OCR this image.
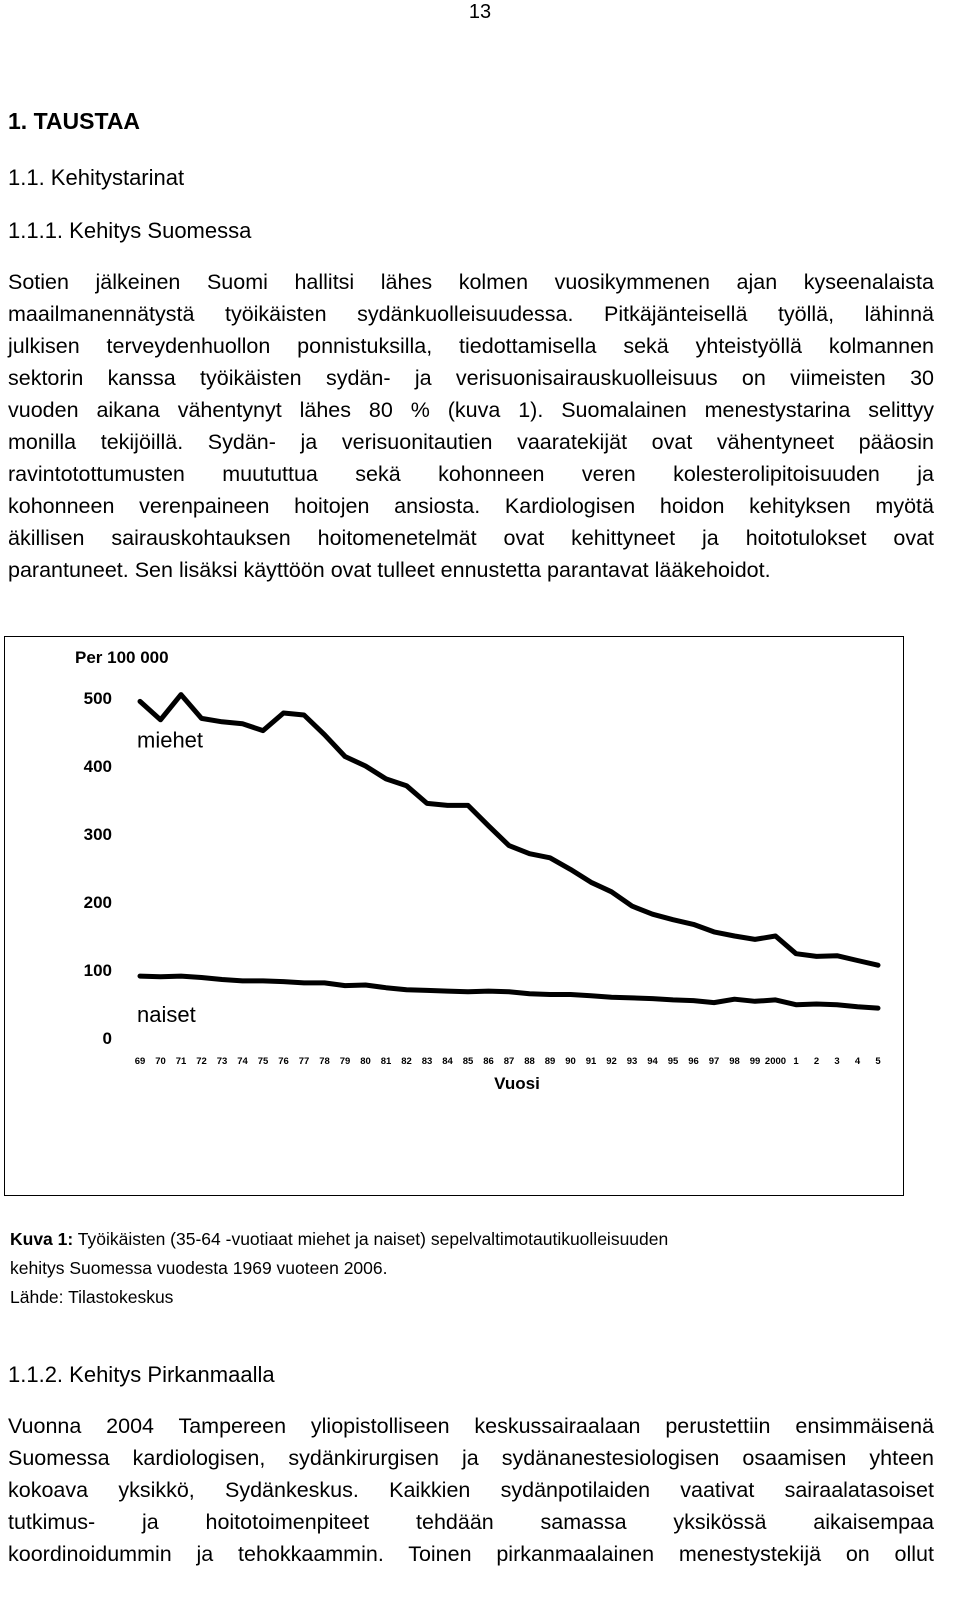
13
1. TAUSTAA
1.1. Kehitystarinat
1.1.1. Kehitys Suomessa
Sotien jälkeinen Suomi hallitsi lähes kolmen vuosikymmenen ajan kyseenalaista
maailmanennätystä työikäisten sydänkuolleisuudessa. Pitkäjänteisellä työllä, lähinnä
julkisen terveydenhuollon ponnistuksilla, tiedottamisella sekä yhteistyöllä kolmannen
sektorin kanssa työikäisten sydän- ja verisuonisairauskuolleisuus on viimeisten 30
vuoden aikana vähentynyt lähes 80 % (kuva 1). Suomalainen menestystarina selittyy
monilla tekijöillä. Sydän- ja verisuonitautien vaaratekijät ovat vähentyneet pääosin
ravintotottumusten muututtua sekä kohonneen veren kolesterolipitoisuuden ja
kohonneen verenpaineen hoitojen ansiosta. Kardiologisen hoidon kehityksen myötä
äkillisen sairauskohtauksen hoitomenetelmät ovat kehittyneet ja hoitotulokset ovat
parantuneet. Sen lisäksi käyttöön ovat tulleet ennustetta parantavat lääkehoidot.
Per 100 000
0
100
200
300
400
500
69 70 71 72 73 74 75 76 77 78 79 80 81 82 83 84 85 86 87 88 89 90 91 92 93 94 95 96 97 98 99 2000 1 2 3 4 5
miehet
naiset
Vuosi
Kuva 1: Työikäisten (35-64 -vuotiaat miehet ja naiset) sepelvaltimotautikuolleisuuden
kehitys Suomessa vuodesta 1969 vuoteen 2006.
Lähde: Tilastokeskus
1.1.2. Kehitys Pirkanmaalla
Vuonna 2004 Tampereen yliopistolliseen keskussairaalaan perustettiin ensimmäisenä
Suomessa kardiologisen, sydänkirurgisen ja sydänanestesiologisen osaamisen yhteen
kokoava yksikkö, Sydänkeskus. Kaikkien sydänpotilaiden vaativat sairaalatasoiset
tutkimus- ja hoitotoimenpiteet tehdään samassa yksikössä aikaisempaa
koordinoidummin ja tehokkaammin. Toinen pirkanmaalainen menestystekijä on ollut
